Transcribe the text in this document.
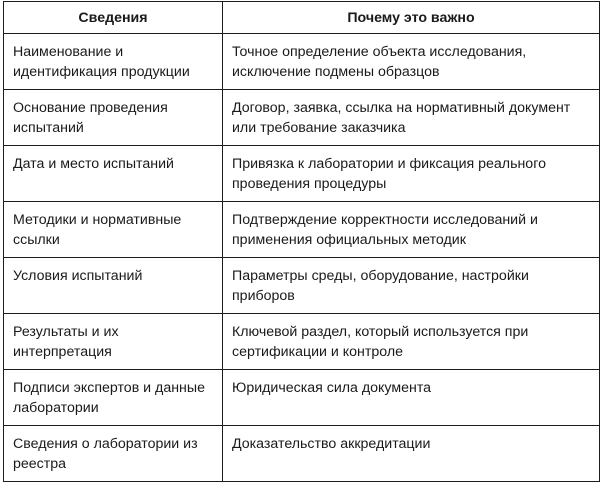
Сведения	Почему это важно
Наименование и идентификация продукции	Точное определение объекта исследования, исключение подмены образцов
Основание проведения испытаний	Договор, заявка, ссылка на нормативный документ или требование заказчика
Дата и место испытаний	Привязка к лаборатории и фиксация реального проведения процедуры
Методики и нормативные ссылки	Подтверждение корректности исследований и применения официальных методик
Условия испытаний	Параметры среды, оборудование, настройки приборов
Результаты и их интерпретация	Ключевой раздел, который используется при сертификации и контроле
Подписи экспертов и данные лаборатории	Юридическая сила документа
Сведения о лаборатории из реестра	Доказательство аккредитации
